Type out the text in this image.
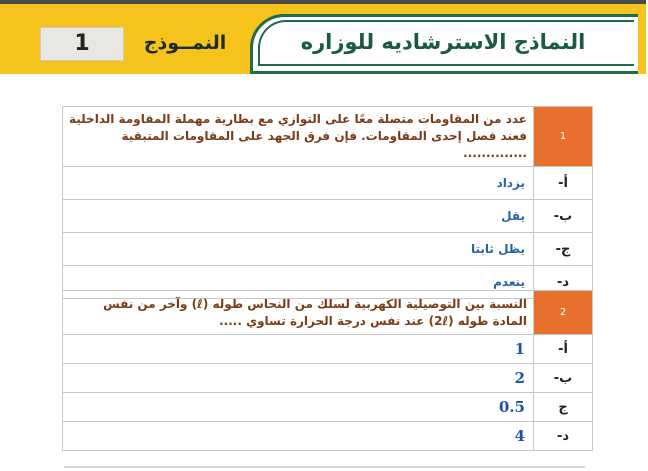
النماذج الاسترشاديه للوزاره
النمــوذج
1
1	عدد من المقاومات متصلة معًا على التوازي مع بطارية مهملة المقاومة الداخلية فعند فصل إحدى المقاومات. فإن فرق الجهد على المقاومات المتبقية ..............
أ-	يزداد
ب-	يقل
ج-	يظل ثابتا
د-	ينعدم
2	النسبة بين التوصيلية الكهربية لسلك من النحاس طوله (ℓ) وآخر من نفس المادة طوله (2ℓ) عند نفس درجة الحرارة تساوي .....
أ-	1
ب-	2
ج	0.5
د-	4
